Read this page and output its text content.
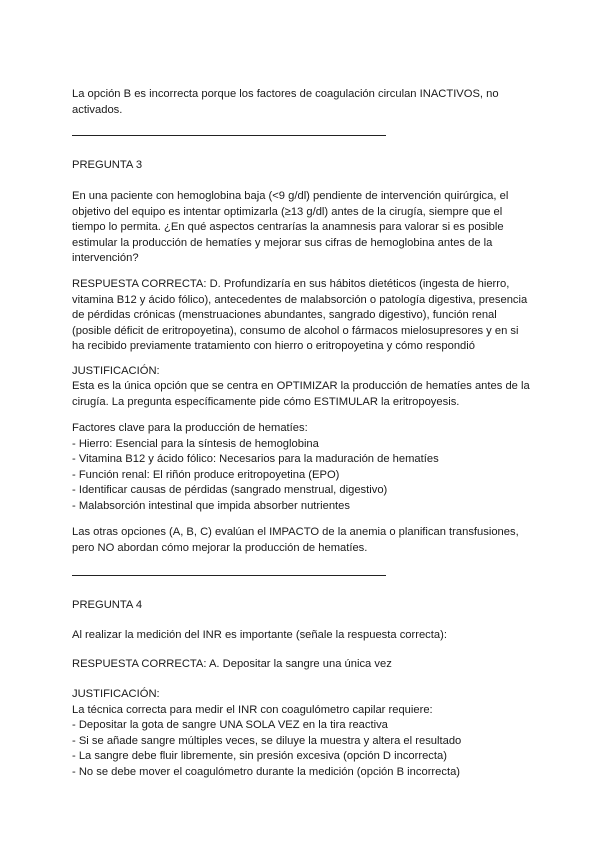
La opción B es incorrecta porque los factores de coagulación circulan INACTIVOS, no activados.

PREGUNTA 3

En una paciente con hemoglobina baja (<9 g/dl) pendiente de intervención quirúrgica, el objetivo del equipo es intentar optimizarla (≥13 g/dl) antes de la cirugía, siempre que el tiempo lo permita. ¿En qué aspectos centrarías la anamnesis para valorar si es posible estimular la producción de hematíes y mejorar sus cifras de hemoglobina antes de la intervención?

RESPUESTA CORRECTA: D. Profundizaría en sus hábitos dietéticos (ingesta de hierro, vitamina B12 y ácido fólico), antecedentes de malabsorción o patología digestiva, presencia de pérdidas crónicas (menstruaciones abundantes, sangrado digestivo), función renal (posible déficit de eritropoyetina), consumo de alcohol o fármacos mielosupresores y en si ha recibido previamente tratamiento con hierro o eritropoyetina y cómo respondió

JUSTIFICACIÓN:

Esta es la única opción que se centra en OPTIMIZAR la producción de hematíes antes de la cirugía. La pregunta específicamente pide cómo ESTIMULAR la eritropoyesis.

Factores clave para la producción de hematíes:
- Hierro: Esencial para la síntesis de hemoglobina
- Vitamina B12 y ácido fólico: Necesarios para la maduración de hematíes
- Función renal: El riñón produce eritropoyetina (EPO)
- Identificar causas de pérdidas (sangrado menstrual, digestivo)
- Malabsorción intestinal que impida absorber nutrientes

Las otras opciones (A, B, C) evalúan el IMPACTO de la anemia o planifican transfusiones, pero NO abordan cómo mejorar la producción de hematíes.

PREGUNTA 4

Al realizar la medición del INR es importante (señale la respuesta correcta):

RESPUESTA CORRECTA: A. Depositar la sangre una única vez

JUSTIFICACIÓN:
La técnica correcta para medir el INR con coagulómetro capilar requiere:
- Depositar la gota de sangre UNA SOLA VEZ en la tira reactiva
- Si se añade sangre múltiples veces, se diluye la muestra y altera el resultado
- La sangre debe fluir libremente, sin presión excesiva (opción D incorrecta)
- No se debe mover el coagulómetro durante la medición (opción B incorrecta)
